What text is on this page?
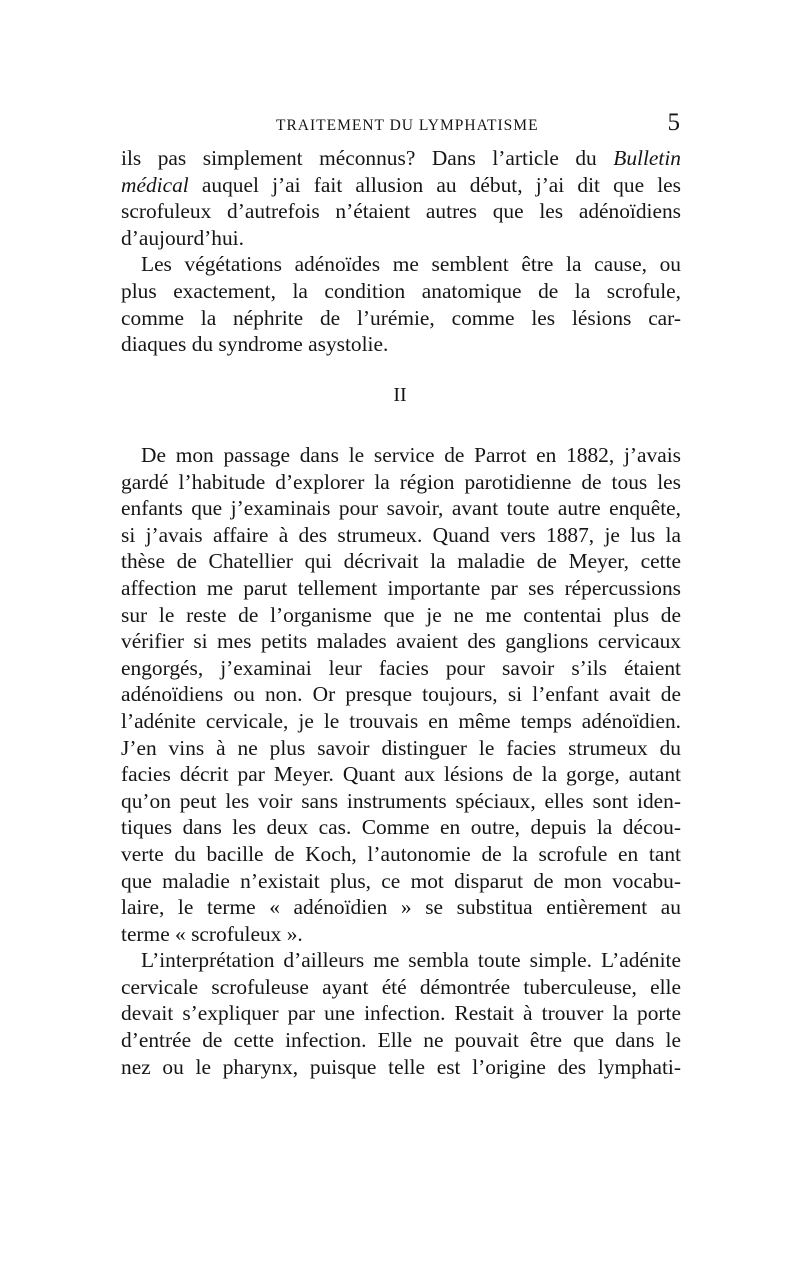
TRAITEMENT DU LYMPHATISME	5
ils pas simplement méconnus? Dans l’article du Bulletin
médical auquel j’ai fait allusion au début, j’ai dit que les
scrofuleux d’autrefois n’étaient autres que les adénoïdiens
d’aujourd’hui.
Les végétations adénoïdes me semblent être la cause, ou
plus exactement, la condition anatomique de la scrofule,
comme la néphrite de l’urémie, comme les lésions car-
diaques du syndrome asystolie.
II
De mon passage dans le service de Parrot en 1882, j’avais
gardé l’habitude d’explorer la région parotidienne de tous les
enfants que j’examinais pour savoir, avant toute autre enquête,
si j’avais affaire à des strumeux. Quand vers 1887, je lus la
thèse de Chatellier qui décrivait la maladie de Meyer, cette
affection me parut tellement importante par ses répercussions
sur le reste de l’organisme que je ne me contentai plus de
vérifier si mes petits malades avaient des ganglions cervicaux
engorgés, j’examinai leur facies pour savoir s’ils étaient
adénoïdiens ou non. Or presque toujours, si l’enfant avait de
l’adénite cervicale, je le trouvais en même temps adénoïdien.
J’en vins à ne plus savoir distinguer le facies strumeux du
facies décrit par Meyer. Quant aux lésions de la gorge, autant
qu’on peut les voir sans instruments spéciaux, elles sont iden-
tiques dans les deux cas. Comme en outre, depuis la décou-
verte du bacille de Koch, l’autonomie de la scrofule en tant
que maladie n’existait plus, ce mot disparut de mon vocabu-
laire, le terme « adénoïdien » se substitua entièrement au
terme « scrofuleux ».
L’interprétation d’ailleurs me sembla toute simple. L’adénite
cervicale scrofuleuse ayant été démontrée tuberculeuse, elle
devait s’expliquer par une infection. Restait à trouver la porte
d’entrée de cette infection. Elle ne pouvait être que dans le
nez ou le pharynx, puisque telle est l’origine des lymphati-
